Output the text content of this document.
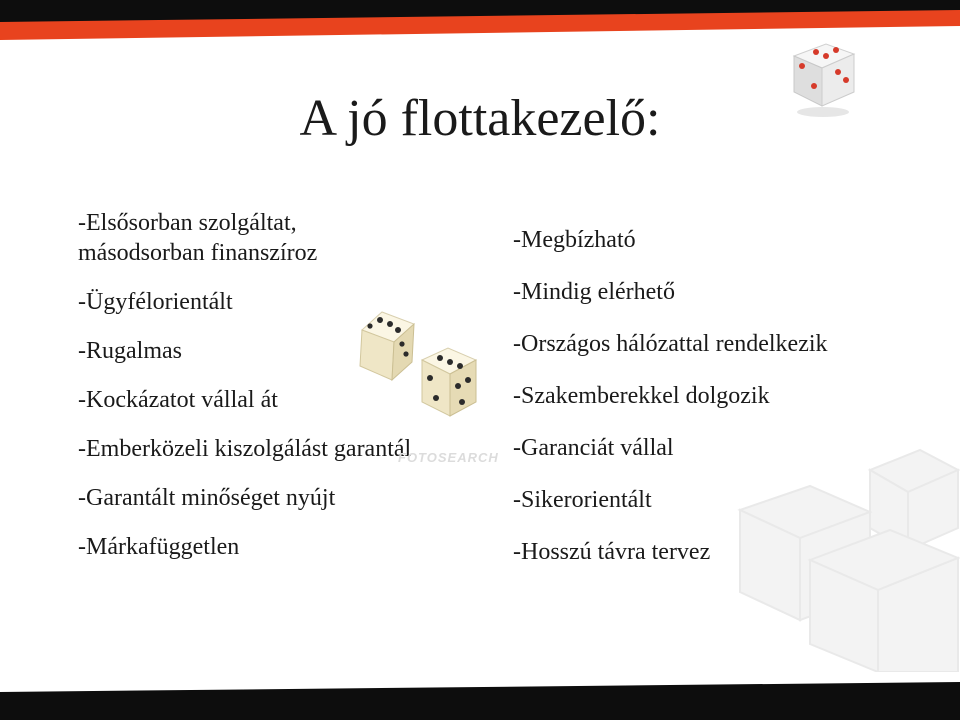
A jó flottakezelő:
-Elsősorban szolgáltat, másodsorban finanszíroz
-Ügyfélorientált
-Rugalmas
-Kockázatot vállal át
-Emberközeli kiszolgálást garantál
-Garantált minőséget nyújt
-Márkafüggetlen
-Megbízható
-Mindig elérhető
-Országos hálózattal rendelkezik
-Szakemberekkel dolgozik
-Garanciát vállal
-Sikerorientált
-Hosszú távra tervez
FOTOSEARCH
